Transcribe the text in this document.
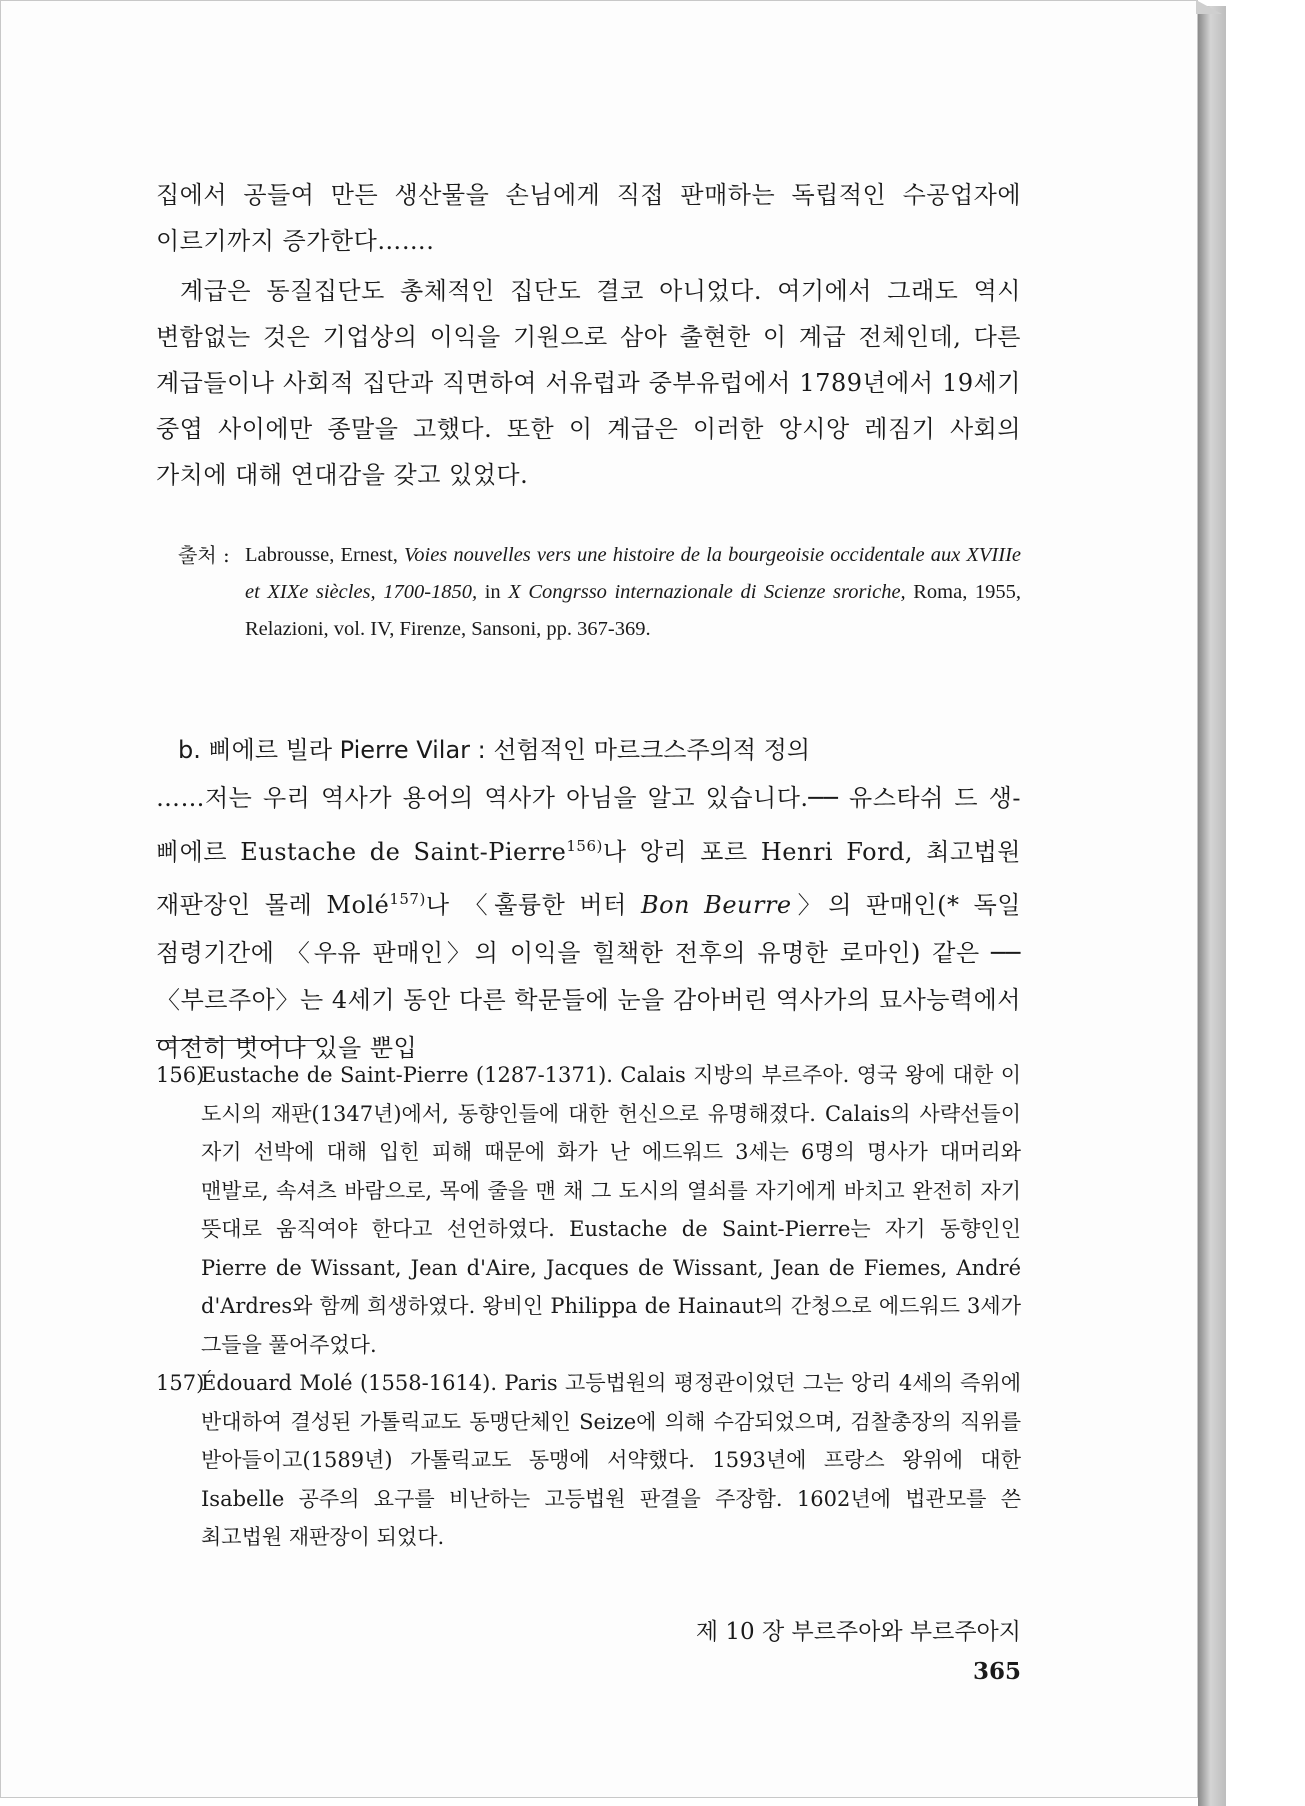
집에서 공들여 만든 생산물을 손님에게 직접 판매하는 독립적인 수공업자에 이르기까지 증가한다…….

계급은 동질집단도 총체적인 집단도 결코 아니었다. 여기에서 그래도 역시 변함없는 것은 기업상의 이익을 기원으로 삼아 출현한 이 계급 전체인데, 다른 계급들이나 사회적 집단과 직면하여 서유럽과 중부유럽에서 1789년에서 19세기 중엽 사이에만 종말을 고했다. 또한 이 계급은 이러한 앙시앙 레짐기 사회의 가치에 대해 연대감을 갖고 있었다.

출처 : Labrousse, Ernest, Voies nouvelles vers une histoire de la bourgeoisie occidentale aux XVIIIe et XIXe siècles, 1700-1850, in X Congrsso internazionale di Scienze sroriche, Roma, 1955, Relazioni, vol. IV, Firenze, Sansoni, pp. 367-369.
b. 삐에르 빌라 Pierre Vilar : 선험적인 마르크스주의적 정의

……저는 우리 역사가 용어의 역사가 아님을 알고 있습니다.── 유스타쉬 드 생-삐에르 Eustache de Saint-Pierre$^{156)}$나 앙리 포르 Henri Ford, 최고법원 재판장인 몰레 Molé$^{157)}$나 〈훌륭한 버터 Bon Beurre〉의 판매인(* 독일 점령기간에 〈우유 판매인〉의 이익을 힐책한 전후의 유명한 로마인) 같은 ── 〈부르주아〉는 4세기 동안 다른 학문들에 눈을 감아버린 역사가의 묘사능력에서 여전히 벗어나 있을 뿐입

156)Eustache de Saint-Pierre (1287-1371). Calais 지방의 부르주아. 영국 왕에 대한 이 도시의 재판(1347년)에서, 동향인들에 대한 헌신으로 유명해졌다. Calais의 사략선들이 자기 선박에 대해 입힌 피해 때문에 화가 난 에드워드 3세는 6명의 명사가 대머리와 맨발로, 속셔츠 바람으로, 목에 줄을 맨 채 그 도시의 열쇠를 자기에게 바치고 완전히 자기 뜻대로 움직여야 한다고 선언하였다. Eustache de Saint-Pierre는 자기 동향인인 Pierre de Wissant, Jean d'Aire, Jacques de Wissant, Jean de Fiemes, André d'Ardres와 함께 희생하였다. 왕비인 Philippa de Hainaut의 간청으로 에드워드 3세가 그들을 풀어주었다.

157)Édouard Molé (1558-1614). Paris 고등법원의 평정관이었던 그는 앙리 4세의 즉위에 반대하여 결성된 가톨릭교도 동맹단체인 Seize에 의해 수감되었으며, 검찰총장의 직위를 받아들이고(1589년) 가톨릭교도 동맹에 서약했다. 1593년에 프랑스 왕위에 대한 Isabelle 공주의 요구를 비난하는 고등법원 판결을 주장함. 1602년에 법관모를 쓴 최고법원 재판장이 되었다.

제 10 장 부르주아와 부르주아지365
